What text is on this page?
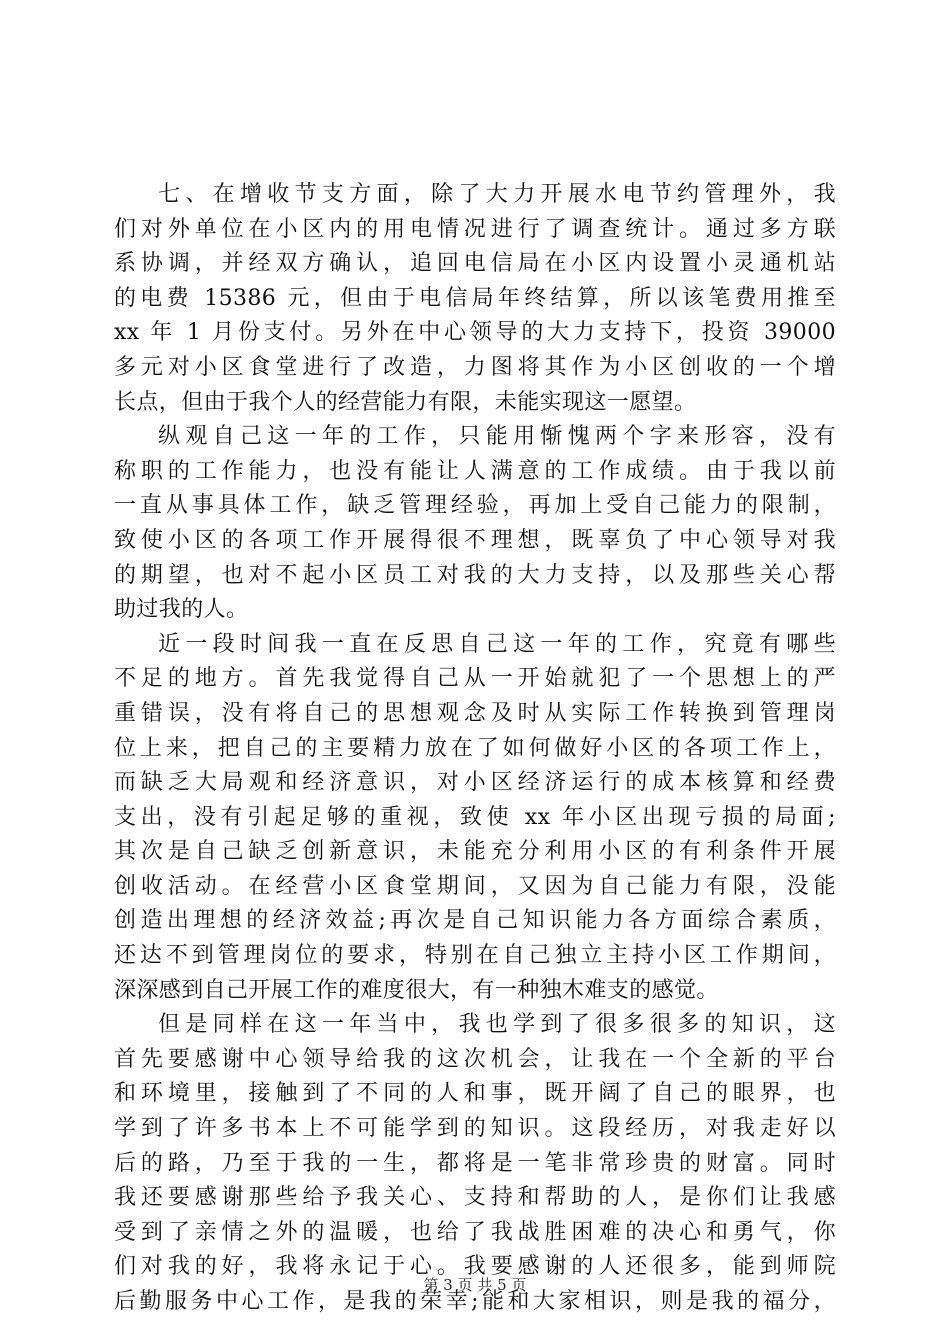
七、在增收节支方面，除了大力开展水电节约管理外，我
们对外单位在小区内的用电情况进行了调查统计。通过多方联
系协调，并经双方确认，追回电信局在小区内设置小灵通机站
的电费 15386 元，但由于电信局年终结算，所以该笔费用推至
xx 年 1 月份支付。另外在中心领导的大力支持下，投资 39000
多元对小区食堂进行了改造，力图将其作为小区创收的一个增
长点，但由于我个人的经营能力有限，未能实现这一愿望。
纵观自己这一年的工作，只能用惭愧两个字来形容，没有
称职的工作能力，也没有能让人满意的工作成绩。由于我以前
一直从事具体工作，缺乏管理经验，再加上受自己能力的限制，
致使小区的各项工作开展得很不理想，既辜负了中心领导对我
的期望，也对不起小区员工对我的大力支持，以及那些关心帮
助过我的人。
近一段时间我一直在反思自己这一年的工作，究竟有哪些
不足的地方。首先我觉得自己从一开始就犯了一个思想上的严
重错误，没有将自己的思想观念及时从实际工作转换到管理岗
位上来，把自己的主要精力放在了如何做好小区的各项工作上，
而缺乏大局观和经济意识，对小区经济运行的成本核算和经费
支出，没有引起足够的重视，致使 xx 年小区出现亏损的局面;
其次是自己缺乏创新意识，未能充分利用小区的有利条件开展
创收活动。在经营小区食堂期间，又因为自己能力有限，没能
创造出理想的经济效益;再次是自己知识能力各方面综合素质，
还达不到管理岗位的要求，特别在自己独立主持小区工作期间，
深深感到自己开展工作的难度很大，有一种独木难支的感觉。
但是同样在这一年当中，我也学到了很多很多的知识，这
首先要感谢中心领导给我的这次机会，让我在一个全新的平台
和环境里，接触到了不同的人和事，既开阔了自己的眼界，也
学到了许多书本上不可能学到的知识。这段经历，对我走好以
后的路，乃至于我的一生，都将是一笔非常珍贵的财富。同时
我还要感谢那些给予我关心、支持和帮助的人，是你们让我感
受到了亲情之外的温暖，也给了我战胜困难的决心和勇气，你
们对我的好，我将永记于心。我要感谢的人还很多，能到师院
后勤服务中心工作，是我的荣幸;能和大家相识，则是我的福分，
第 3 页 共 5 页
